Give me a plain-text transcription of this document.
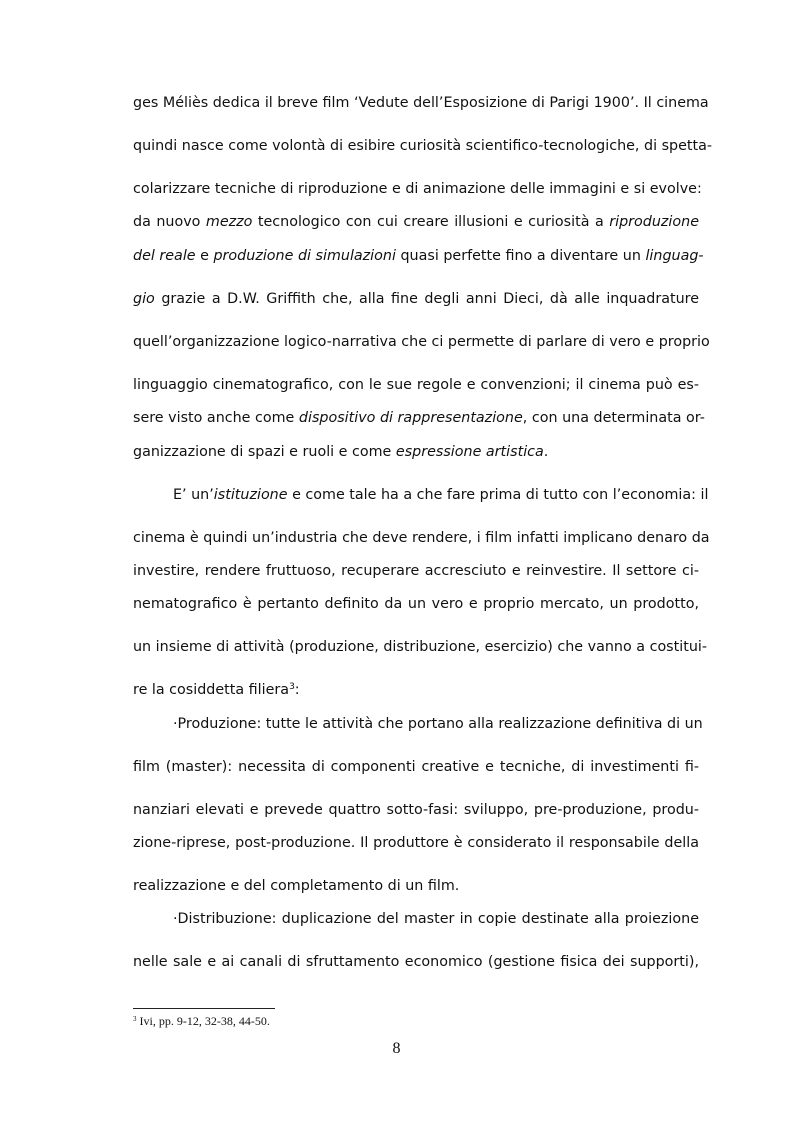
ges Méliès dedica il breve film ‘Vedute dell’Esposizione di Parigi 1900’. Il cinema
quindi nasce come volontà di esibire curiosità scientifico-tecnologiche, di spetta-
colarizzare tecniche di riproduzione e di animazione delle immagini e si evolve:
da nuovo mezzo tecnologico con cui creare illusioni e curiosità a riproduzione
del reale e produzione di simulazioni quasi perfette fino a diventare un linguag-
gio grazie a D.W. Griffith che, alla fine degli anni Dieci, dà alle inquadrature
quell’organizzazione logico-narrativa che ci permette di parlare di vero e proprio
linguaggio cinematografico, con le sue regole e convenzioni; il cinema può es-
sere visto anche come dispositivo di rappresentazione, con una determinata or-
ganizzazione di spazi e ruoli e come espressione artistica.
E’ un’istituzione e come tale ha a che fare prima di tutto con l’economia: il
cinema è quindi un’industria che deve rendere, i film infatti implicano denaro da
investire, rendere fruttuoso, recuperare accresciuto e reinvestire. Il settore ci-
nematografico è pertanto definito da un vero e proprio mercato, un prodotto,
un insieme di attività (produzione, distribuzione, esercizio) che vanno a costitui-
re la cosiddetta filiera$^3$:
·Produzione: tutte le attività che portano alla realizzazione definitiva di un
film (master): necessita di componenti creative e tecniche, di investimenti fi-
nanziari elevati e prevede quattro sotto-fasi: sviluppo, pre-produzione, produ-
zione-riprese, post-produzione. Il produttore è considerato il responsabile della
realizzazione e del completamento di un film.
·Distribuzione: duplicazione del master in copie destinate alla proiezione
nelle sale e ai canali di sfruttamento economico (gestione fisica dei supporti),
$^3$ Ivi, pp. 9-12, 32-38, 44-50.
8
